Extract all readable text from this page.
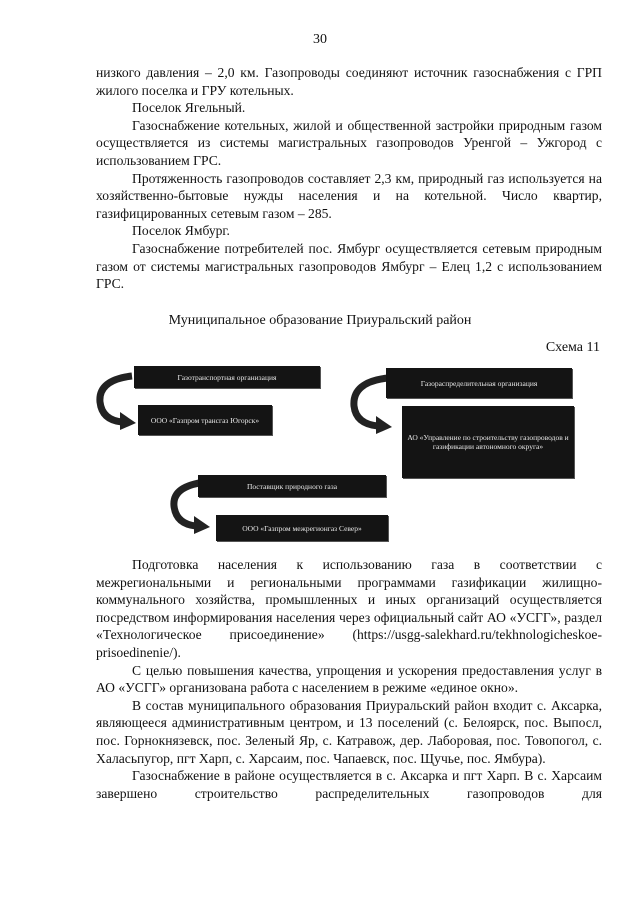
30

низкого давления – 2,0 км. Газопроводы соединяют источник газоснабжения с ГРП жилого поселка и ГРУ котельных.

Поселок Ягельный.

Газоснабжение котельных, жилой и общественной застройки природным газом осуществляется из системы магистральных газопроводов Уренгой – Ужгород с использованием ГРС.

Протяженность газопроводов составляет 2,3 км, природный газ используется на хозяйственно-бытовые нужды населения и на котельной. Число квартир, газифицированных сетевым газом – 285.

Поселок Ямбург.

Газоснабжение потребителей пос. Ямбург осуществляется сетевым природным газом от системы магистральных газопроводов Ямбург – Елец 1,2 с использованием ГРС.

Муниципальное образование Приуральский район
Схема 11
Газотранспортная организация
ООО «Газпром трансгаз Югорск»
Газораспределительная организация
АО «Управление по строительству газопроводов и газификации автономного округа»
Поставщик природного газа
ООО «Газпром межрегионгаз Север»

Подготовка населения к использованию газа в соответствии с межрегиональными и региональными программами газификации жилищно-коммунального хозяйства, промышленных и иных организаций осуществляется посредством информирования населения через официальный сайт АО «УСГГ», раздел «Технологическое присоединение» (https://usgg-salekhard.ru/tekhnologicheskoe-prisoedinenie/).

С целью повышения качества, упрощения и ускорения предоставления услуг в АО «УСГГ» организована работа с населением в режиме «единое окно».

В состав муниципального образования Приуральский район входит с. Аксарка, являющееся административным центром, и 13 поселений (с. Белоярск, пос. Выпосл, пос. Горнокнязевск, пос. Зеленый Яр, с. Катравож, дер. Лаборовая, пос. Товопогол, с. Халасьпугор, пгт Харп, с. Харсаим, пос. Чапаевск, пос. Щучье, пос. Ямбура).

Газоснабжение в районе осуществляется в с. Аксарка и пгт Харп. В с. Харсаим завершено строительство распределительных газопроводов для
